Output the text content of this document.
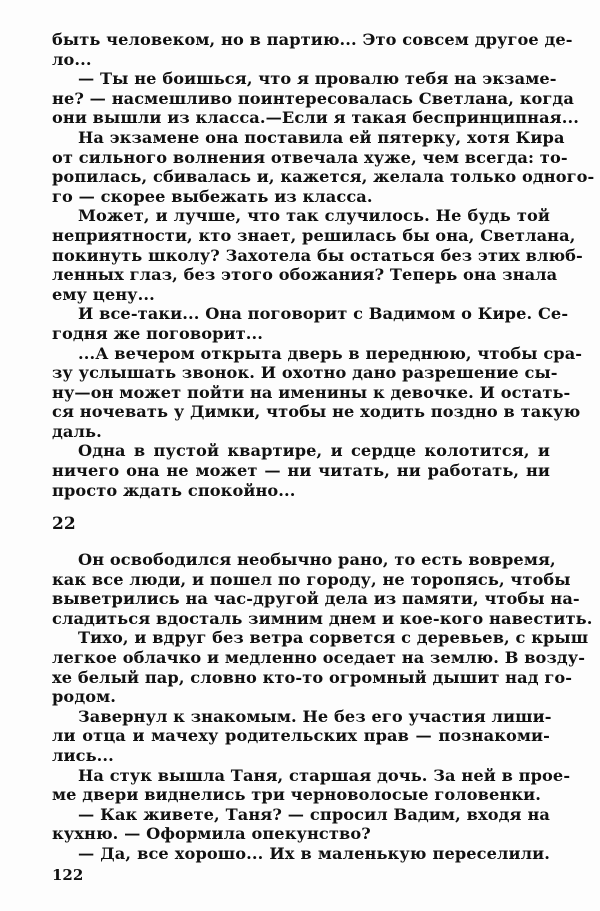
быть человеком, но в партию... Это совсем другое де-
ло...
— Ты не боишься, что я провалю тебя на экзаме-
не? — насмешливо поинтересовалась Светлана, когда
они вышли из класса.—Если я такая беспринципная...
На экзамене она поставила ей пятерку, хотя Кира
от сильного волнения отвечала хуже, чем всегда: то-
ропилась, сбивалась и, кажется, желала только одного-
го — скорее выбежать из класса.
Может, и лучше, что так случилось. Не будь той
неприятности, кто знает, решилась бы она, Светлана,
покинуть школу? Захотела бы остаться без этих влюб-
ленных глаз, без этого обожания? Теперь она знала
ему цену...
И все-таки... Она поговорит с Вадимом о Кире. Се-
годня же поговорит...
...А вечером открыта дверь в переднюю, чтобы сра-
зу услышать звонок. И охотно дано разрешение сы-
ну—он может пойти на именины к девочке. И остать-
ся ночевать у Димки, чтобы не ходить поздно в такую
даль.
Одна в пустой квартире, и сердце колотится, и
ничего она не может — ни читать, ни работать, ни
просто ждать спокойно...
22
Он освободился необычно рано, то есть вовремя,
как все люди, и пошел по городу, не торопясь, чтобы
выветрились на час-другой дела из памяти, чтобы на-
сладиться вдосталь зимним днем и кое-кого навестить.
Тихо, и вдруг без ветра сорвется с деревьев, с крыш
легкое облачко и медленно оседает на землю. В возду-
хе белый пар, словно кто-то огромный дышит над го-
родом.
Завернул к знакомым. Не без его участия лиши-
ли отца и мачеху родительских прав — познакоми-
лись...
На стук вышла Таня, старшая дочь. За ней в прое-
ме двери виднелись три черноволосые головенки.
— Как живете, Таня? — спросил Вадим, входя на
кухню. — Оформила опекунство?
— Да, все хорошо... Их в маленькую переселили.
122
